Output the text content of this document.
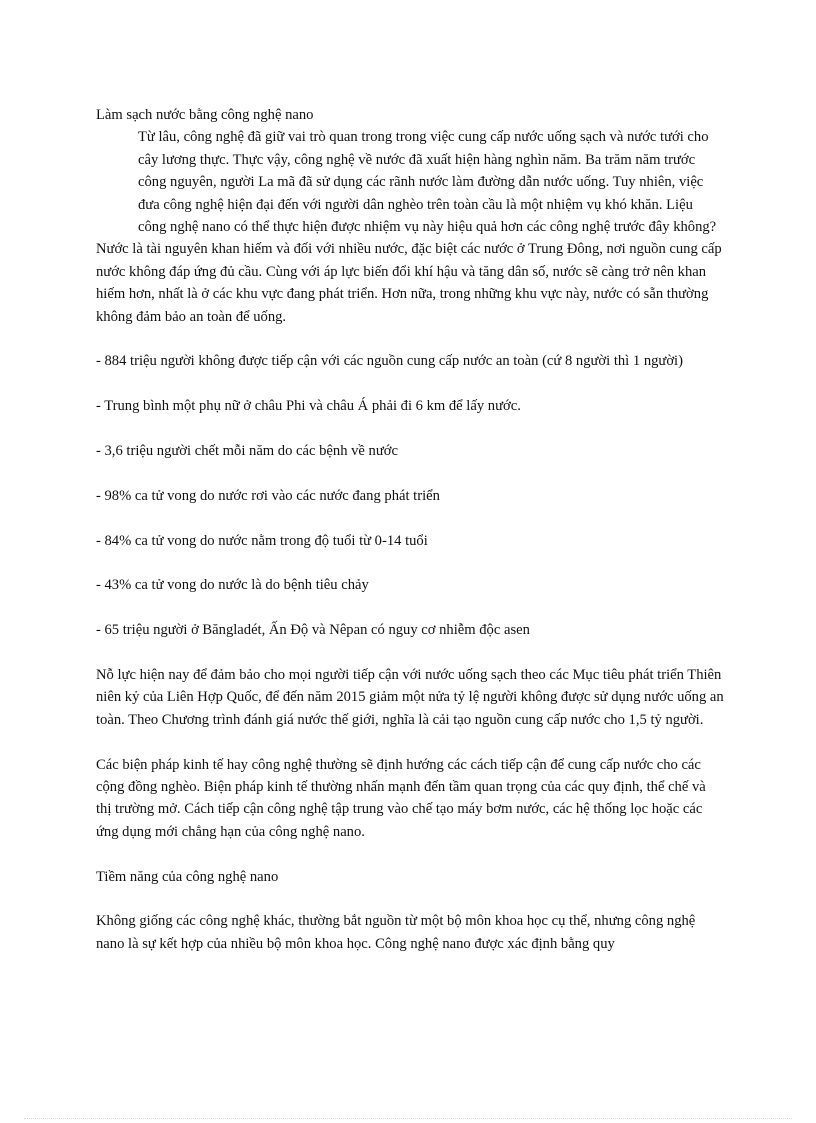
Làm sạch nước bằng công nghệ nano

Từ lâu, công nghệ đã giữ vai trò quan trong trong việc cung cấp nước uống sạch và nước tưới cho cây lương thực. Thực vậy, công nghệ về nước đã xuất hiện hàng nghìn năm. Ba trăm năm trước công nguyên, người La mã đã sử dụng các rãnh nước làm đường dẫn nước uống. Tuy nhiên, việc đưa công nghệ hiện đại đến với người dân nghèo trên toàn cầu là một nhiệm vụ khó khăn. Liệu công nghệ nano có thể thực hiện được nhiệm vụ này hiệu quả hơn các công nghệ trước đây không?

Nước là tài nguyên khan hiếm và đối với nhiều nước, đặc biệt các nước ở Trung Đông, nơi nguồn cung cấp nước không đáp ứng đủ cầu. Cùng với áp lực biến đổi khí hậu và tăng dân số, nước sẽ càng trở nên khan hiếm hơn, nhất là ở các khu vực đang phát triển. Hơn nữa, trong những khu vực này, nước có sẵn thường không đảm bảo an toàn để uống.

- 884 triệu người không được tiếp cận với các nguồn cung cấp nước an toàn (cứ 8 người thì 1 người)

- Trung bình một phụ nữ ở châu Phi và châu Á phải đi 6 km để lấy nước.

- 3,6 triệu người chết mỗi năm do các bệnh về nước

- 98% ca tử vong do nước rơi vào các nước đang phát triển

- 84% ca tử vong do nước nằm trong độ tuổi từ 0-14 tuổi

- 43% ca tử vong do nước là do bệnh tiêu chảy

- 65 triệu người ở Băngladét, Ấn Độ và Nêpan có nguy cơ nhiễm độc asen

Nỗ lực hiện nay để đảm bảo cho mọi người tiếp cận với nước uống sạch theo các Mục tiêu phát triển Thiên niên kỷ của Liên Hợp Quốc, để đến năm 2015 giảm một nửa tỷ lệ người không được sử dụng nước uống an toàn. Theo Chương trình đánh giá nước thế giới, nghĩa là cải tạo nguồn cung cấp nước cho 1,5 tỷ người.

Các biện pháp kinh tế hay công nghệ thường sẽ định hướng các cách tiếp cận để cung cấp nước cho các cộng đồng nghèo. Biện pháp kinh tế thường nhấn mạnh đến tầm quan trọng của các quy định, thể chế và thị trường mở. Cách tiếp cận công nghệ tập trung vào chế tạo máy bơm nước, các hệ thống lọc hoặc các ứng dụng mới chẳng hạn của công nghệ nano.

Tiềm năng của công nghệ nano

Không giống các công nghệ khác, thường bắt nguồn từ một bộ môn khoa học cụ thể, nhưng công nghệ nano là sự kết hợp của nhiều bộ môn khoa học. Công nghệ nano được xác định bằng quy
